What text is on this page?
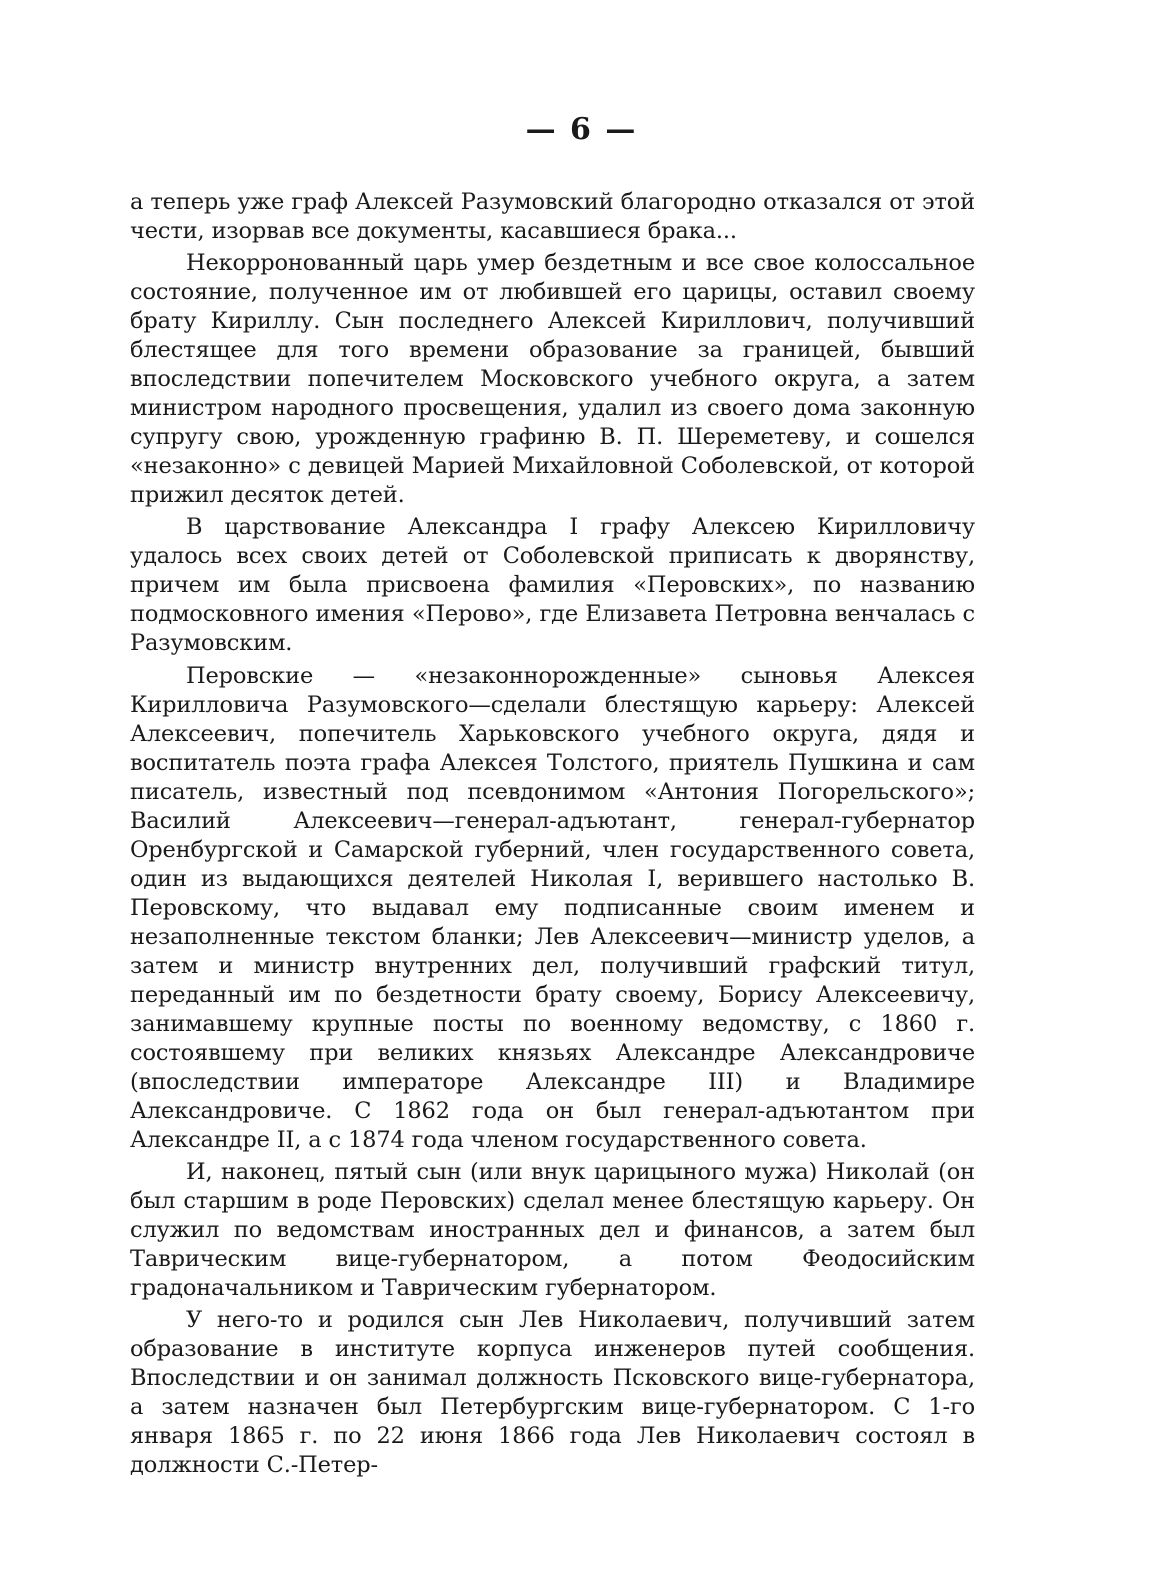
— 6 —

а теперь уже граф Алексей Разумовский благородно отказался от этой чести, изорвав все документы, касавшиеся брака...

Некорронованный царь умер бездетным и все свое колоссальное состояние, полученное им от любившей его царицы, оставил своему брату Кириллу. Сын последнего Алексей Кириллович, получивший блестящее для того времени образование за границей, бывший впоследствии попечителем Московского учебного округа, а затем министром народного просвещения, удалил из своего дома законную супругу свою, урожденную графиню В. П. Шереметеву, и сошелся «незаконно» с девицей Марией Михайловной Соболевской, от которой прижил десяток детей.

В царствование Александра I графу Алексею Кирилловичу удалось всех своих детей от Соболевской приписать к дворянству, причем им была присвоена фамилия «Перовских», по названию подмосковного имения «Перово», где Елизавета Петровна венчалась с Разумовским.

Перовские — «незаконнорожденные» сыновья Алексея Кирилловича Разумовского—сделали блестящую карьеру: Алексей Алексеевич, попечитель Харьковского учебного округа, дядя и воспитатель поэта графа Алексея Толстого, приятель Пушкина и сам писатель, известный под псевдонимом «Антония Погорельского»; Василий Алексеевич—генерал-адъютант, генерал-губернатор Оренбургской и Самарской губерний, член государственного совета, один из выдающихся деятелей Николая I, верившего настолько В. Перовскому, что выдавал ему подписанные своим именем и незаполненные текстом бланки; Лев Алексеевич—министр уделов, а затем и министр внутренних дел, получивший графский титул, переданный им по бездетности брату своему, Борису Алексеевичу, занимавшему крупные посты по военному ведомству, с 1860 г. состоявшему при великих князьях Александре Александровиче (впоследствии императоре Александре III) и Владимире Александровиче. С 1862 года он был генерал-адъютантом при Александре II, а с 1874 года членом государственного совета.

И, наконец, пятый сын (или внук царицыного мужа) Николай (он был старшим в роде Перовских) сделал менее блестящую карьеру. Он служил по ведомствам иностранных дел и финансов, а затем был Таврическим вице-губернатором, а потом Феодосийским градоначальником и Таврическим губернатором.

У него-то и родился сын Лев Николаевич, получивший затем образование в институте корпуса инженеров путей сообщения. Впоследствии и он занимал должность Псковского вице-губернатора, а затем назначен был Петербургским вице-губернатором. С 1-го января 1865 г. по 22 июня 1866 года Лев Николаевич состоял в должности С.-Петер-
